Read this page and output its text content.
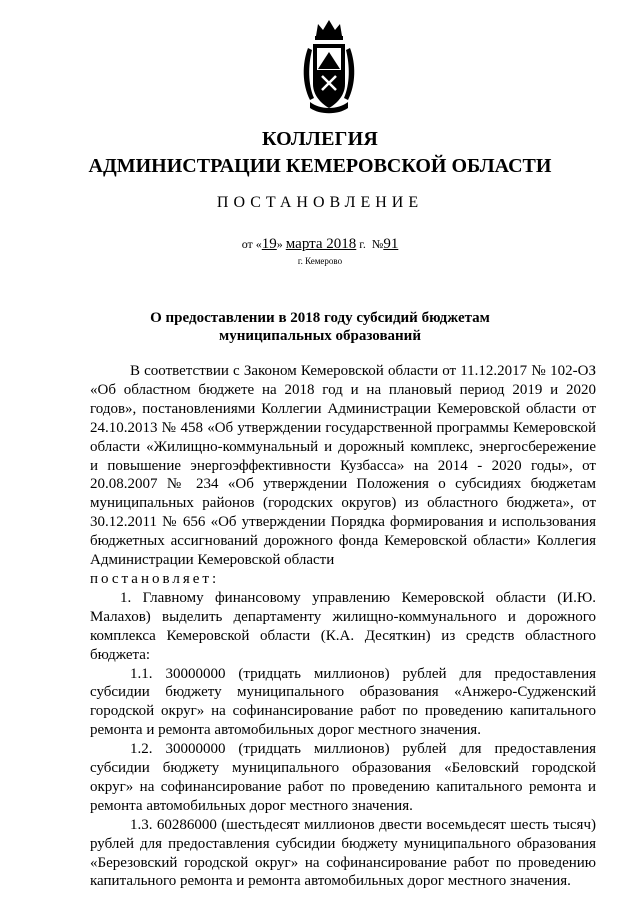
КОЛЛЕГИЯ
АДМИНИСТРАЦИИ КЕМЕРОВСКОЙ ОБЛАСТИ
ПОСТАНОВЛЕНИЕ
от «19» марта 2018 г. №91
г. Кемерово
О предоставлении в 2018 году субсидий бюджетам
муниципальных образований

В соответствии с Законом Кемеровской области от 11.12.2017 № 102-ОЗ «Об областном бюджете на 2018 год и на плановый период 2019 и 2020 годов», постановлениями Коллегии Администрации Кемеровской области от 24.10.2013 № 458 «Об утверждении государственной программы Кемеровской области «Жилищно-коммунальный и дорожный комплекс, энергосбережение и повышение энергоэффективности Кузбасса» на 2014 - 2020 годы», от 20.08.2007 № 234 «Об утверждении Положения о субсидиях бюджетам муниципальных районов (городских округов) из областного бюджета», от 30.12.2011 № 656 «Об утверждении Порядка формирования и использования бюджетных ассигнований дорожного фонда Кемеровской области» Коллегия Администрации Кемеровской области

постановляет:

1. Главному финансовому управлению Кемеровской области (И.Ю. Малахов) выделить департаменту жилищно-коммунального и дорожного комплекса Кемеровской области (К.А. Десяткин) из средств областного бюджета:

1.1. 30000000 (тридцать миллионов) рублей для предоставления субсидии бюджету муниципального образования «Анжеро-Судженский городской округ» на софинансирование работ по проведению капитального ремонта и ремонта автомобильных дорог местного значения.

1.2. 30000000 (тридцать миллионов) рублей для предоставления субсидии бюджету муниципального образования «Беловский городской округ» на софинансирование работ по проведению капитального ремонта и ремонта автомобильных дорог местного значения.

1.3. 60286000 (шестьдесят миллионов двести восемьдесят шесть тысяч) рублей для предоставления субсидии бюджету муниципального образования «Березовский городской округ» на софинансирование работ по проведению капитального ремонта и ремонта автомобильных дорог местного значения.
